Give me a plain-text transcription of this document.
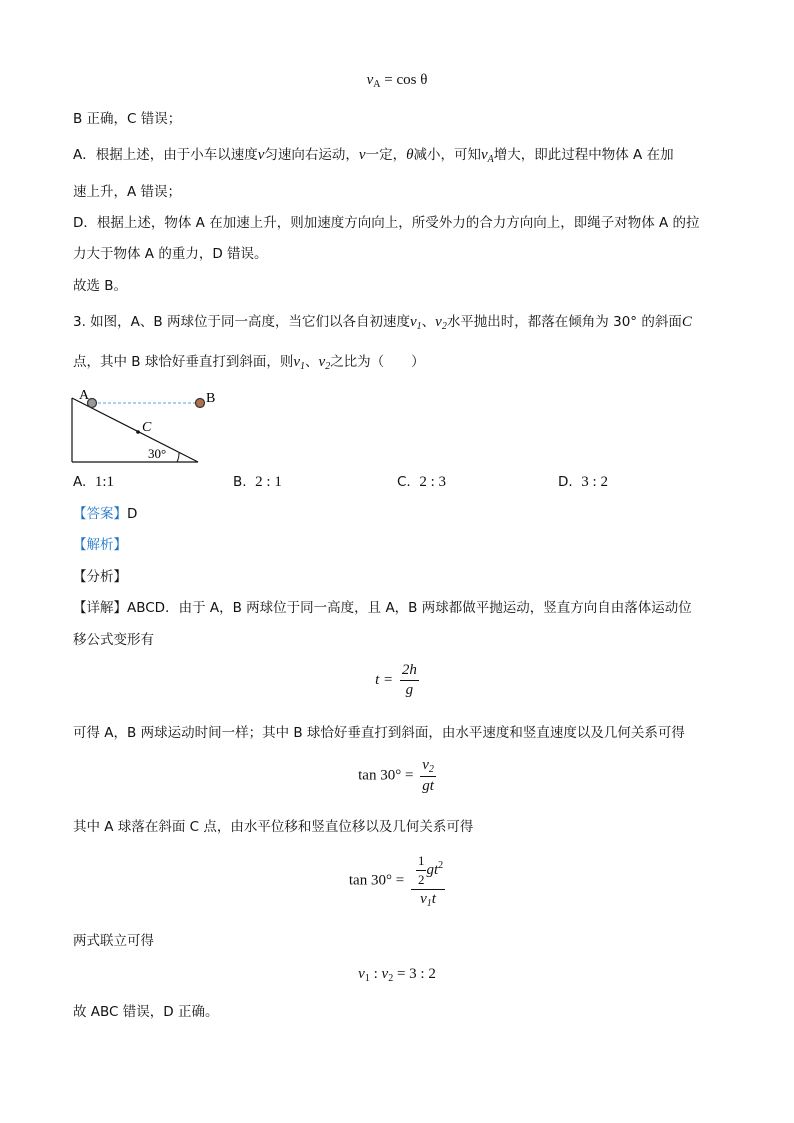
$v_A = \cos \theta$
B 正确，C 错误；
A．根据上述，由于小车以速度v匀速向右运动，v一定，θ减小，可知$v_A$增大，即此过程中物体 A 在加
速上升，A 错误；
D．根据上述，物体 A 在加速上升，则加速度方向向上，所受外力的合力方向向上，即绳子对物体 A 的拉
力大于物体 A 的重力，D 错误。
故选 B。
3. 如图，A、B 两球位于同一高度，当它们以各自初速度$v_1$、$v_2$水平抛出时，都落在倾角为 30° 的斜面C
点，其中 B 球恰好垂直打到斜面，则$v_1$、$v_2$之比为（　　）
A	B
C
30°
A. 1:1	B. 2 : 1	C. 2 : 3	D. 3 : 2
【答案】D
【解析】
【分析】
【详解】ABCD．由于 A，B 两球位于同一高度，且 A，B 两球都做平抛运动，竖直方向自由落体运动位
移公式变形有
$t = \frac{2h}{g}$
可得 A，B 两球运动时间一样；其中 B 球恰好垂直打到斜面，由水平速度和竖直速度以及几何关系可得
$\tan 30^\circ = \frac{v_2}{gt}$
其中 A 球落在斜面 C 点，由水平位移和竖直位移以及几何关系可得
$\tan 30^\circ = \frac{\frac{1}{2} gt^2}{v_1t}$
两式联立可得
$v_1$ : $v_2 = 3$ : 2
故 ABC 错误，D 正确。
